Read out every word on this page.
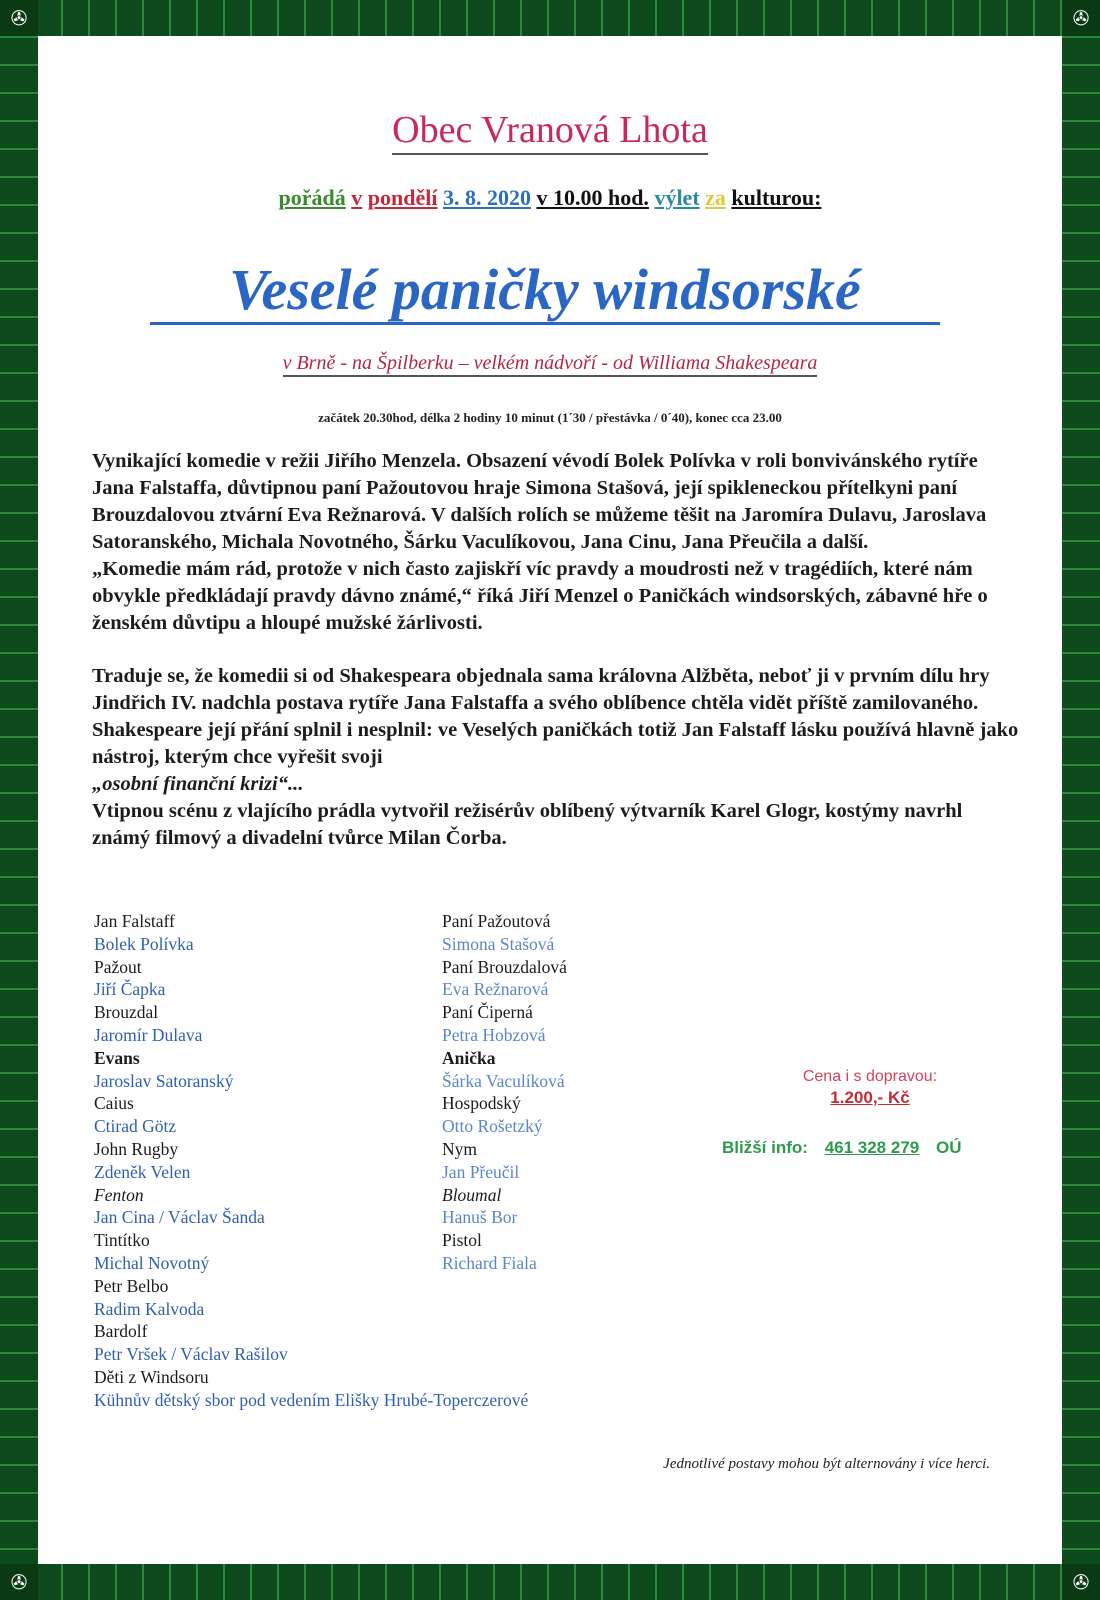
✇	✇
✇	✇
Obec Vranová Lhota
pořádá v pondělí 3. 8. 2020 v 10.00 hod. výlet za kulturou:
Veselé paničky windsorské
v Brně - na Špilberku – velkém nádvoří - od Williama Shakespeara
začátek 20.30hod, délka 2 hodiny 10 minut (1´30 / přestávka / 0´40), konec cca 23.00

Vynikající komedie v režii Jiřího Menzela. Obsazení vévodí Bolek Polívka v roli bonvivánského rytíře Jana Falstaffa, důvtipnou paní Pažoutovou hraje Simona Stašová, její spikleneckou přítelkyni paní Brouzdalovou ztvární Eva Režnarová. V dalších rolích se můžeme těšit na Jaromíra Dulavu, Jaroslava Satoranského, Michala Novotného, Šárku Vaculíkovou, Jana Cinu, Jana Přeučila a další.

„Komedie mám rád, protože v nich často zajiskří víc pravdy a moudrosti než v tragédiích, které nám obvykle předkládají pravdy dávno známé,“ říká Jiří Menzel o Paničkách windsorských, zábavné hře o ženském důvtipu a hloupé mužské žárlivosti.

Traduje se, že komedii si od Shakespeara objednala sama královna Alžběta, neboť ji v prvním dílu hry Jindřich IV. nadchla postava rytíře Jana Falstaffa a svého oblíbence chtěla vidět příště zamilovaného. Shakespeare její přání splnil i nesplnil: ve Veselých paničkách totiž Jan Falstaff lásku používá hlavně jako nástroj, kterým chce vyřešit svoji
„osobní finanční krizi“...

Vtipnou scénu z vlajícího prádla vytvořil režisérův oblíbený výtvarník Karel Glogr, kostýmy navrhl známý filmový a divadelní tvůrce Milan Čorba.

Jan Falstaff
Bolek Polívka
Pažout
Jiří Čapka
Brouzdal
Jaromír Dulava
Evans
Jaroslav Satoranský
Caius
Ctirad Götz
John Rugby
Zdeněk Velen
Fenton
Jan Cina / Václav Šanda
Tintítko
Michal Novotný
Petr Belbo
Radim Kalvoda
Bardolf
Petr Vršek / Václav Rašilov
Děti z Windsoru
Kühnův dětský sbor pod vedením Elišky Hrubé-Toperczerové
Paní Pažoutová
Simona Stašová
Paní Brouzdalová
Eva Režnarová
Paní Čiperná
Petra Hobzová
Anička
Šárka Vaculíková
Hospodský
Otto Rošetzký
Nym
Jan Přeučil
Bloumal
Hanuš Bor
Pistol
Richard Fiala
Cena i s dopravou:
1.200,- Kč
Bližší info: 461 328 279 OÚ
Jednotlivé postavy mohou být alternovány i více herci.
